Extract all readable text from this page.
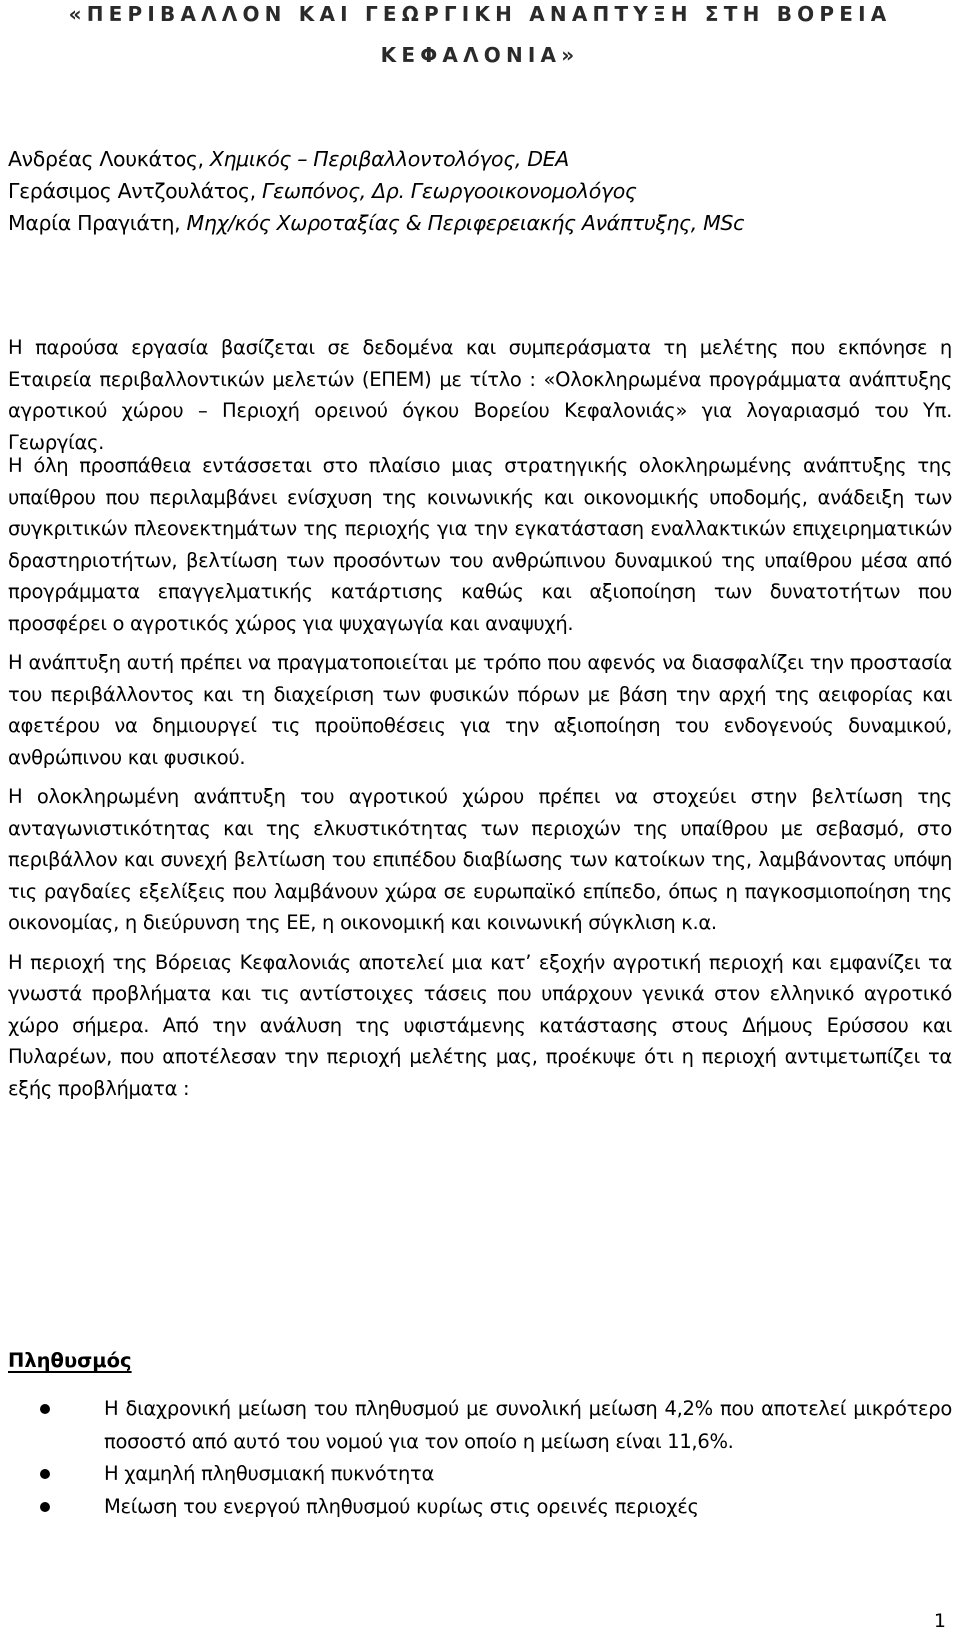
«ΠΕΡΙΒΑΛΛΟΝ ΚΑΙ ΓΕΩΡΓΙΚΗ ΑΝΑΠΤΥΞΗ ΣΤΗ ΒΟΡΕΙΑ
ΚΕΦΑΛΟΝΙΑ»
Ανδρέας Λουκάτος, Χημικός – Περιβαλλοντολόγος, DEA
Γεράσιμος Αντζουλάτος, Γεωπόνος, Δρ. Γεωργοοικονομολόγος
Μαρία Πραγιάτη, Μηχ/κός Χωροταξίας & Περιφερειακής Ανάπτυξης, MSc

Η παρούσα εργασία βασίζεται σε δεδομένα και συμπεράσματα τη μελέτης που εκπόνησε η Εταιρεία περιβαλλοντικών μελετών (ΕΠΕΜ) με τίτλο : «Ολοκληρωμένα προγράμματα ανάπτυξης αγροτικού χώρου – Περιοχή ορεινού όγκου Βορείου Κεφαλονιάς» για λογαριασμό του Υπ. Γεωργίας.

Η όλη προσπάθεια εντάσσεται στο πλαίσιο μιας στρατηγικής ολοκληρωμένης ανάπτυξης της υπαίθρου που περιλαμβάνει ενίσχυση της κοινωνικής και οικονομικής υποδομής, ανάδειξη των συγκριτικών πλεονεκτημάτων της περιοχής για την εγκατάσταση εναλλακτικών επιχειρηματικών δραστηριοτήτων, βελτίωση των προσόντων του ανθρώπινου δυναμικού της υπαίθρου μέσα από προγράμματα επαγγελματικής κατάρτισης καθώς και αξιοποίηση των δυνατοτήτων που προσφέρει ο αγροτικός χώρος για ψυχαγωγία και αναψυχή.

Η ανάπτυξη αυτή πρέπει να πραγματοποιείται με τρόπο που αφενός να διασφαλίζει την προστασία του περιβάλλοντος και τη διαχείριση των φυσικών πόρων με βάση την αρχή της αειφορίας και αφετέρου να δημιουργεί τις προϋποθέσεις για την αξιοποίηση του ενδογενούς δυναμικού, ανθρώπινου και φυσικού.

Η ολοκληρωμένη ανάπτυξη του αγροτικού χώρου πρέπει να στοχεύει στην βελτίωση της ανταγωνιστικότητας και της ελκυστικότητας των περιοχών της υπαίθρου με σεβασμό, στο περιβάλλον και συνεχή βελτίωση του επιπέδου διαβίωσης των κατοίκων της, λαμβάνοντας υπόψη τις ραγδαίες εξελίξεις που λαμβάνουν χώρα σε ευρωπαϊκό επίπεδο, όπως η παγκοσμιοποίηση της οικονομίας, η διεύρυνση της ΕΕ, η οικονομική και κοινωνική σύγκλιση κ.α.

Η περιοχή της Βόρειας Κεφαλονιάς αποτελεί μια κατ’ εξοχήν αγροτική περιοχή και εμφανίζει τα γνωστά προβλήματα και τις αντίστοιχες τάσεις που υπάρχουν γενικά στον ελληνικό αγροτικό χώρο σήμερα. Από την ανάλυση της υφιστάμενης κατάστασης στους Δήμους Ερύσσου και Πυλαρέων, που αποτέλεσαν την περιοχή μελέτης μας, προέκυψε ότι η περιοχή αντιμετωπίζει τα εξής προβλήματα :

Πληθυσμός
Η διαχρονική μείωση του πληθυσμού με συνολική μείωση 4,2% που αποτελεί μικρότερο ποσοστό από αυτό του νομού για τον οποίο η μείωση είναι 11,6%.
Η χαμηλή πληθυσμιακή πυκνότητα
Μείωση του ενεργού πληθυσμού κυρίως στις ορεινές περιοχές
1
